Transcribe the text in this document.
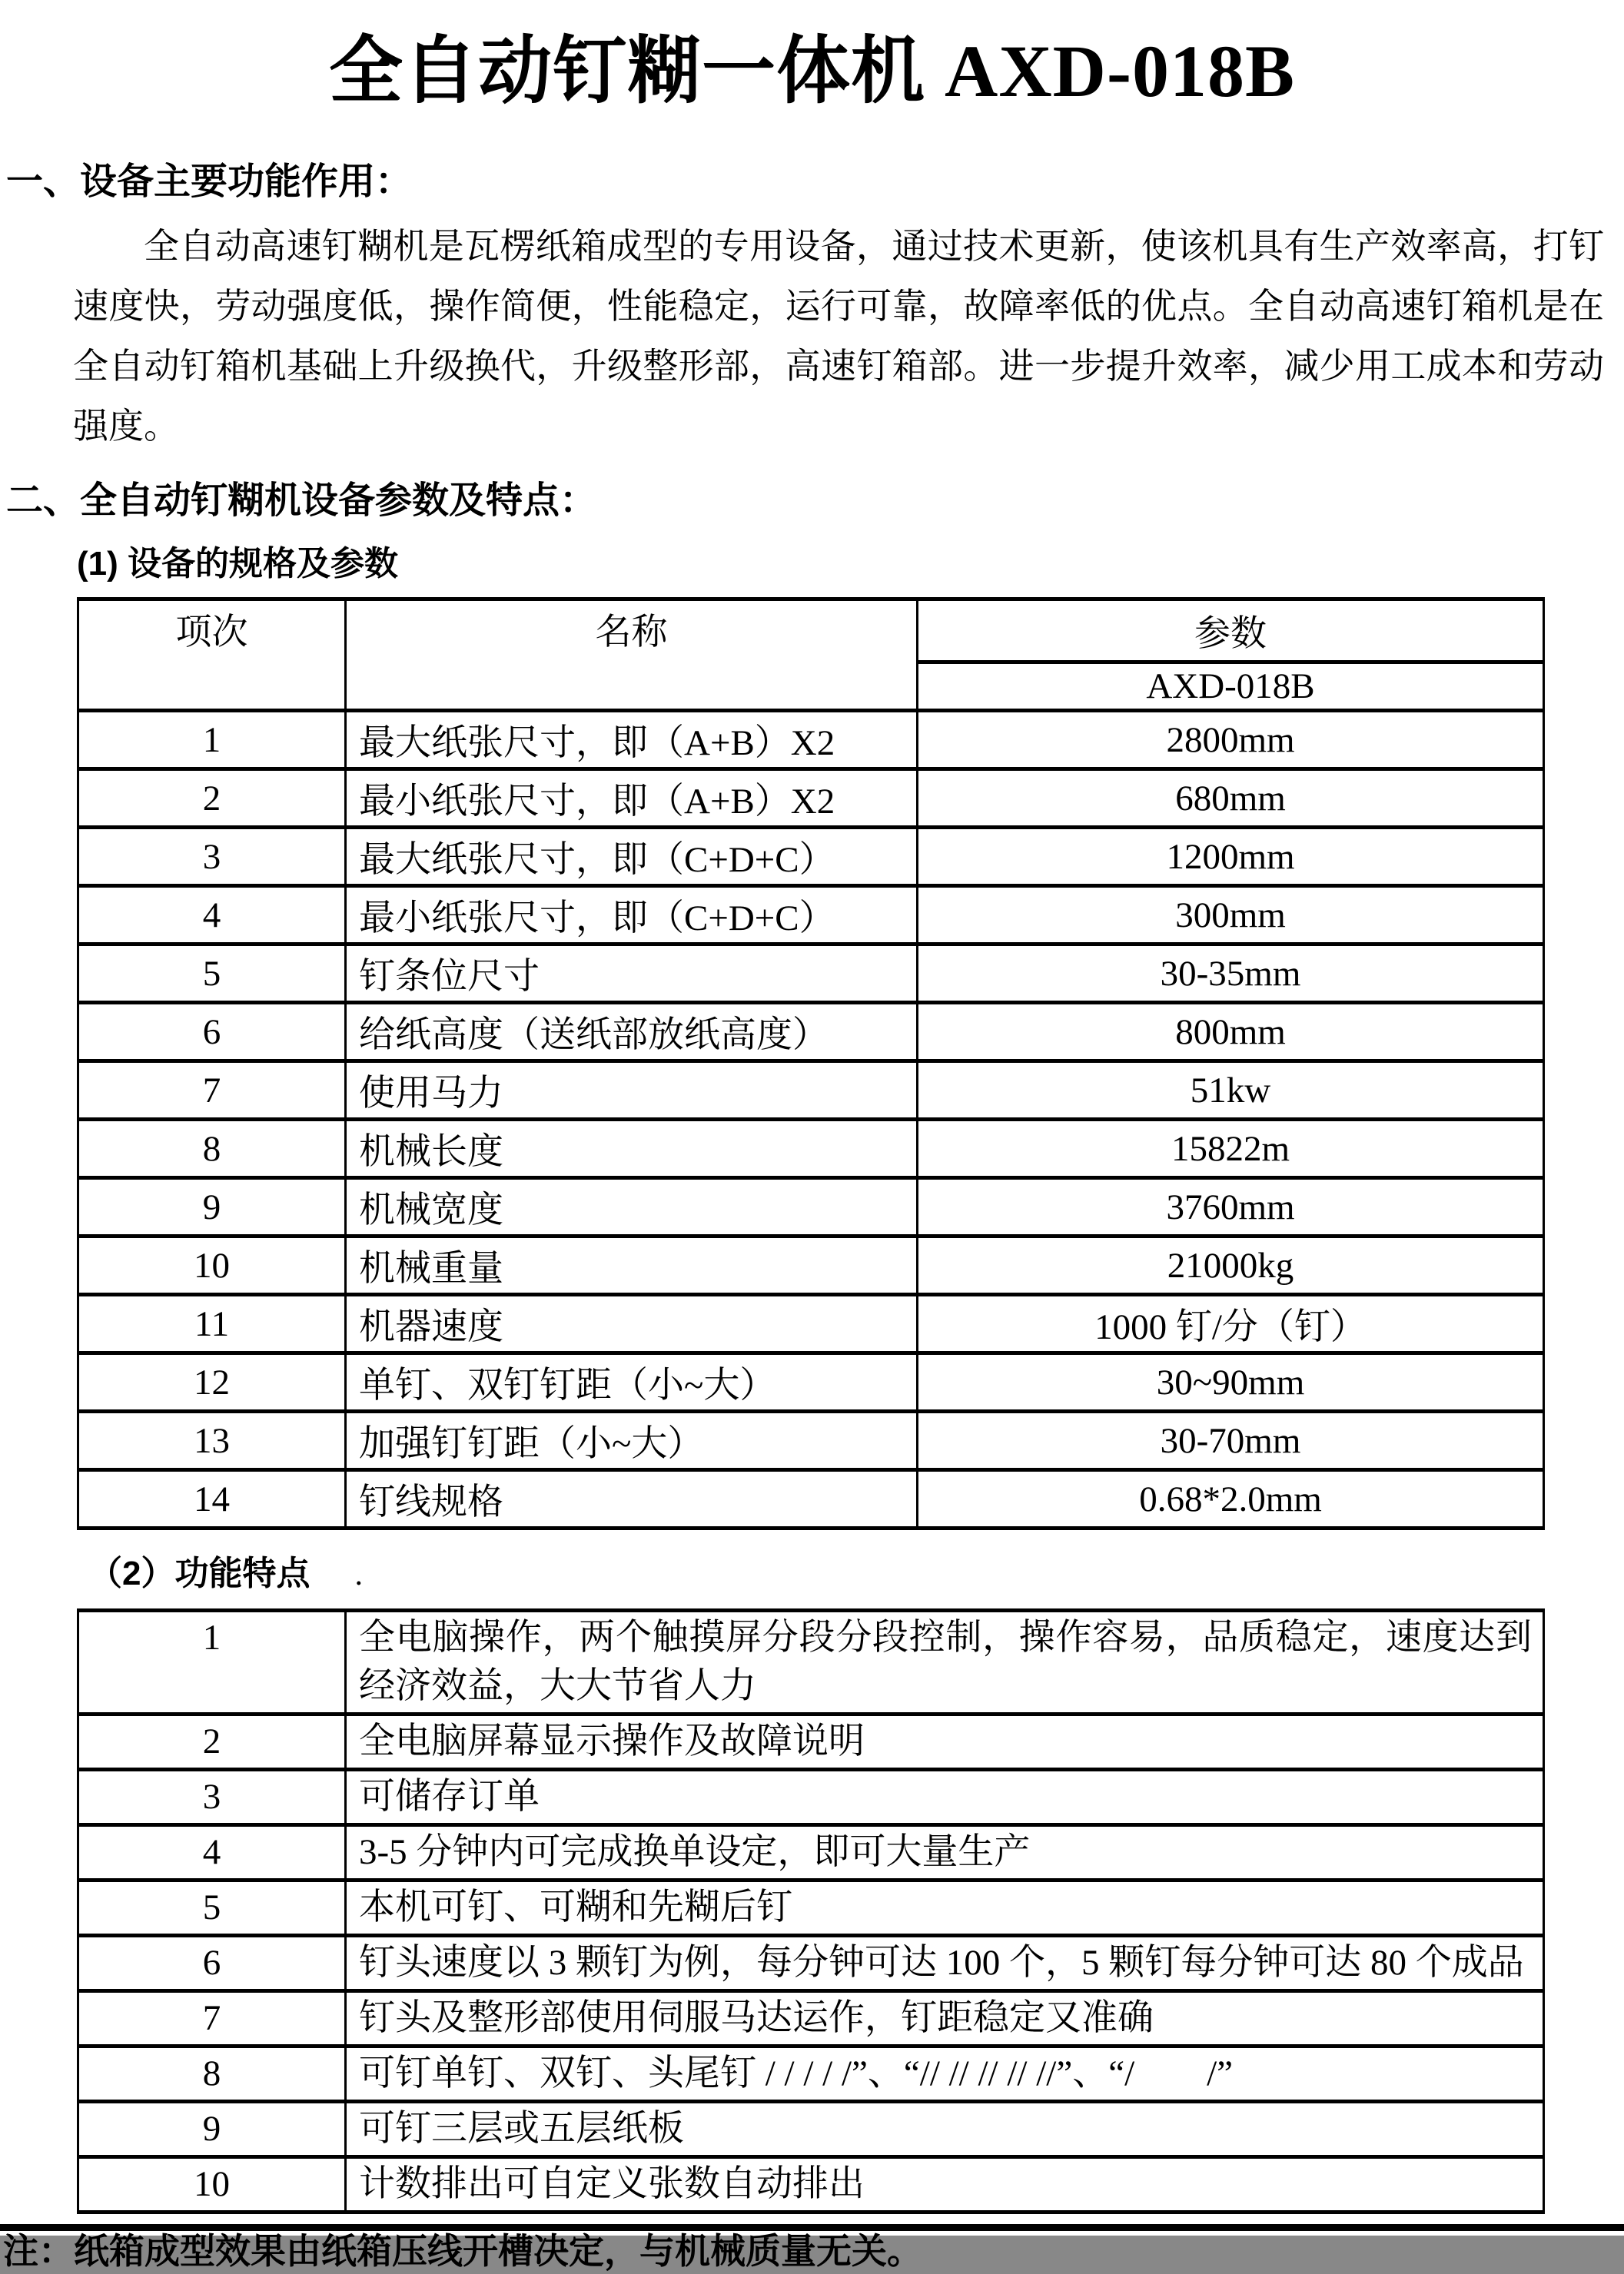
全自动钉糊一体机 AXD-018B
一、设备主要功能作用：
全自动高速钉糊机是瓦楞纸箱成型的专用设备，通过技术更新，使该机具有生产效率高，打钉速度快，劳动强度低，操作简便，性能稳定，运行可靠，故障率低的优点。全自动高速钉箱机是在全自动钉箱机基础上升级换代，升级整形部，高速钉箱部。进一步提升效率，减少用工成本和劳动强度。
二、全自动钉糊机设备参数及特点：
(1) 设备的规格及参数
项次	名称	参数
		AXD-018B
1	最大纸张尺寸，即（A+B）X2	2800mm
2	最小纸张尺寸，即（A+B）X2	680mm
3	最大纸张尺寸，即（C+D+C）	1200mm
4	最小纸张尺寸，即（C+D+C）	300mm
5	钉条位尺寸	30-35mm
6	给纸高度（送纸部放纸高度）	800mm
7	使用马力	51kw
8	机械长度	15822m
9	机械宽度	3760mm
10	机械重量	21000kg
11	机器速度	1000 钉/分（钉）
12	单钉、双钉钉距（小~大）	30~90mm
13	加强钉钉距（小~大）	30-70mm
14	钉线规格	0.68*2.0mm
（2）功能特点 .
1	全电脑操作，两个触摸屏分段分段控制，操作容易，品质稳定，速度达到经济效益，大大节省人力
2	全电脑屏幕显示操作及故障说明
3	可储存订单
4	3-5 分钟内可完成换单设定，即可大量生产
5	本机可钉、可糊和先糊后钉
6	钉头速度以 3 颗钉为例，每分钟可达 100 个，5 颗钉每分钟可达 80 个成品
7	钉头及整形部使用伺服马达运作，钉距稳定又准确
8	可钉单钉、双钉、头尾钉 / / / / /”、“// // // // //”、“/　　/”
9	可钉三层或五层纸板
10	计数排出可自定义张数自动排出
注：纸箱成型效果由纸箱压线开槽决定，与机械质量无关。
